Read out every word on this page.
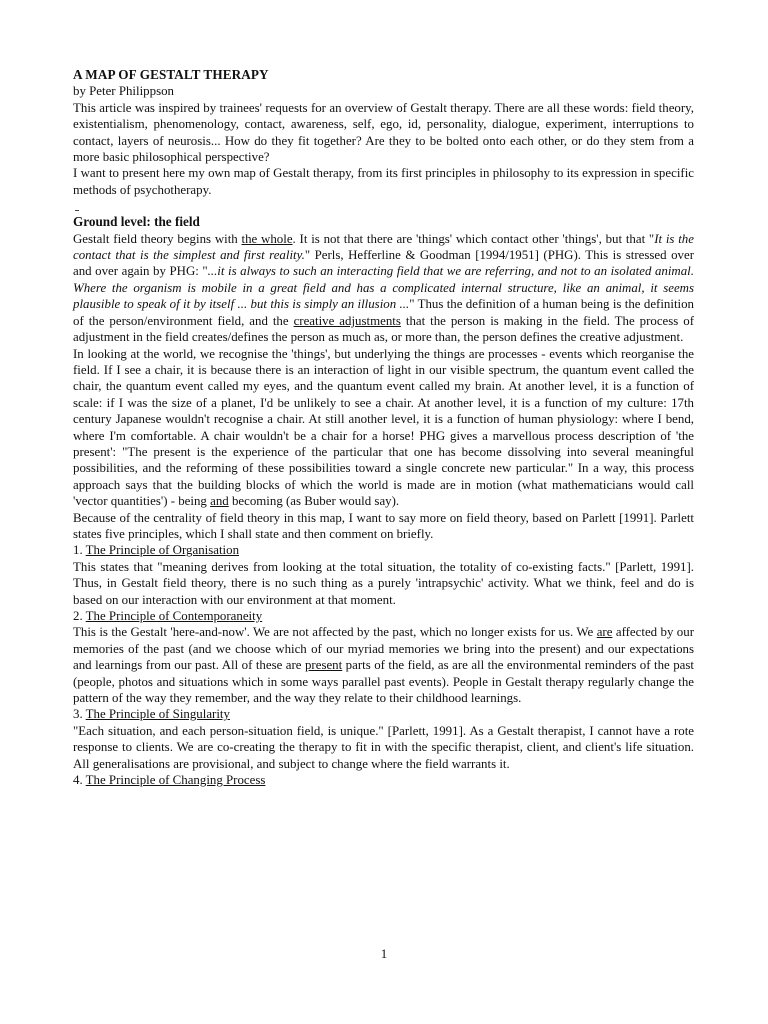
A MAP OF GESTALT THERAPY

by Peter Philippson

This article was inspired by trainees' requests for an overview of Gestalt therapy. There are all these words: field theory, existentialism, phenomenology, contact, awareness, self, ego, id, personality, dialogue, experiment, interruptions to contact, layers of neurosis... How do they fit together? Are they to be bolted onto each other, or do they stem from a more basic philosophical perspective?

I want to present here my own map of Gestalt therapy, from its first principles in philosophy to its expression in specific methods of psychotherapy.

Ground level: the field

Gestalt field theory begins with the whole. It is not that there are 'things' which contact other 'things', but that "It is the contact that is the simplest and first reality." Perls, Hefferline & Goodman [1994/1951] (PHG). This is stressed over and over again by PHG: "...it is always to such an interacting field that we are referring, and not to an isolated animal. Where the organism is mobile in a great field and has a complicated internal structure, like an animal, it seems plausible to speak of it by itself ... but this is simply an illusion ..." Thus the definition of a human being is the definition of the person/environment field, and the creative adjustments that the person is making in the field. The process of adjustment in the field creates/defines the person as much as, or more than, the person defines the creative adjustment.

In looking at the world, we recognise the 'things', but underlying the things are processes - events which reorganise the field. If I see a chair, it is because there is an interaction of light in our visible spectrum, the quantum event called the chair, the quantum event called my eyes, and the quantum event called my brain. At another level, it is a function of scale: if I was the size of a planet, I'd be unlikely to see a chair. At another level, it is a function of my culture: 17th century Japanese wouldn't recognise a chair. At still another level, it is a function of human physiology: where I bend, where I'm comfortable. A chair wouldn't be a chair for a horse! PHG gives a marvellous process description of 'the present': "The present is the experience of the particular that one has become dissolving into several meaningful possibilities, and the reforming of these possibilities toward a single concrete new particular." In a way, this process approach says that the building blocks of which the world is made are in motion (what mathematicians would call 'vector quantities') - being and becoming (as Buber would say).

Because of the centrality of field theory in this map, I want to say more on field theory, based on Parlett [1991]. Parlett states five principles, which I shall state and then comment on briefly.

1. The Principle of Organisation

This states that "meaning derives from looking at the total situation, the totality of co-existing facts." [Parlett, 1991]. Thus, in Gestalt field theory, there is no such thing as a purely 'intrapsychic' activity. What we think, feel and do is based on our interaction with our environment at that moment.

2. The Principle of Contemporaneity

This is the Gestalt 'here-and-now'. We are not affected by the past, which no longer exists for us. We are affected by our memories of the past (and we choose which of our myriad memories we bring into the present) and our expectations and learnings from our past. All of these are present parts of the field, as are all the environmental reminders of the past (people, photos and situations which in some ways parallel past events). People in Gestalt therapy regularly change the pattern of the way they remember, and the way they relate to their childhood learnings.

3. The Principle of Singularity

"Each situation, and each person-situation field, is unique." [Parlett, 1991]. As a Gestalt therapist, I cannot have a rote response to clients. We are co-creating the therapy to fit in with the specific therapist, client, and client's life situation. All generalisations are provisional, and subject to change where the field warrants it.

4. The Principle of Changing Process

1
